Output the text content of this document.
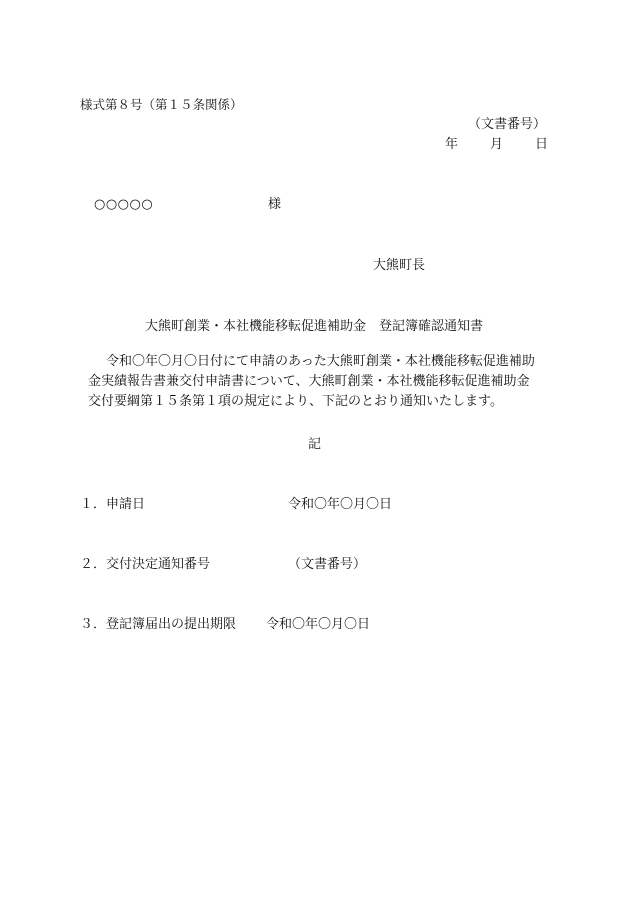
様式第８号（第１５条関係）

（文書番号）

年 月 日

○○○○○	様

大熊町長

大熊町創業・本社機能移転促進補助金　登記簿確認通知書

令和〇年〇月〇日付にて申請のあった大熊町創業・本社機能移転促進補助
金実績報告書兼交付申請書について、大熊町創業・本社機能移転促進補助金
交付要綱第１５条第１項の規定により、下記のとおり通知いたします。

記

１．申請日	令和〇年〇月〇日
２．交付決定通知番号	（文書番号）
３．登記簿届出の提出期限 令和〇年〇月〇日
